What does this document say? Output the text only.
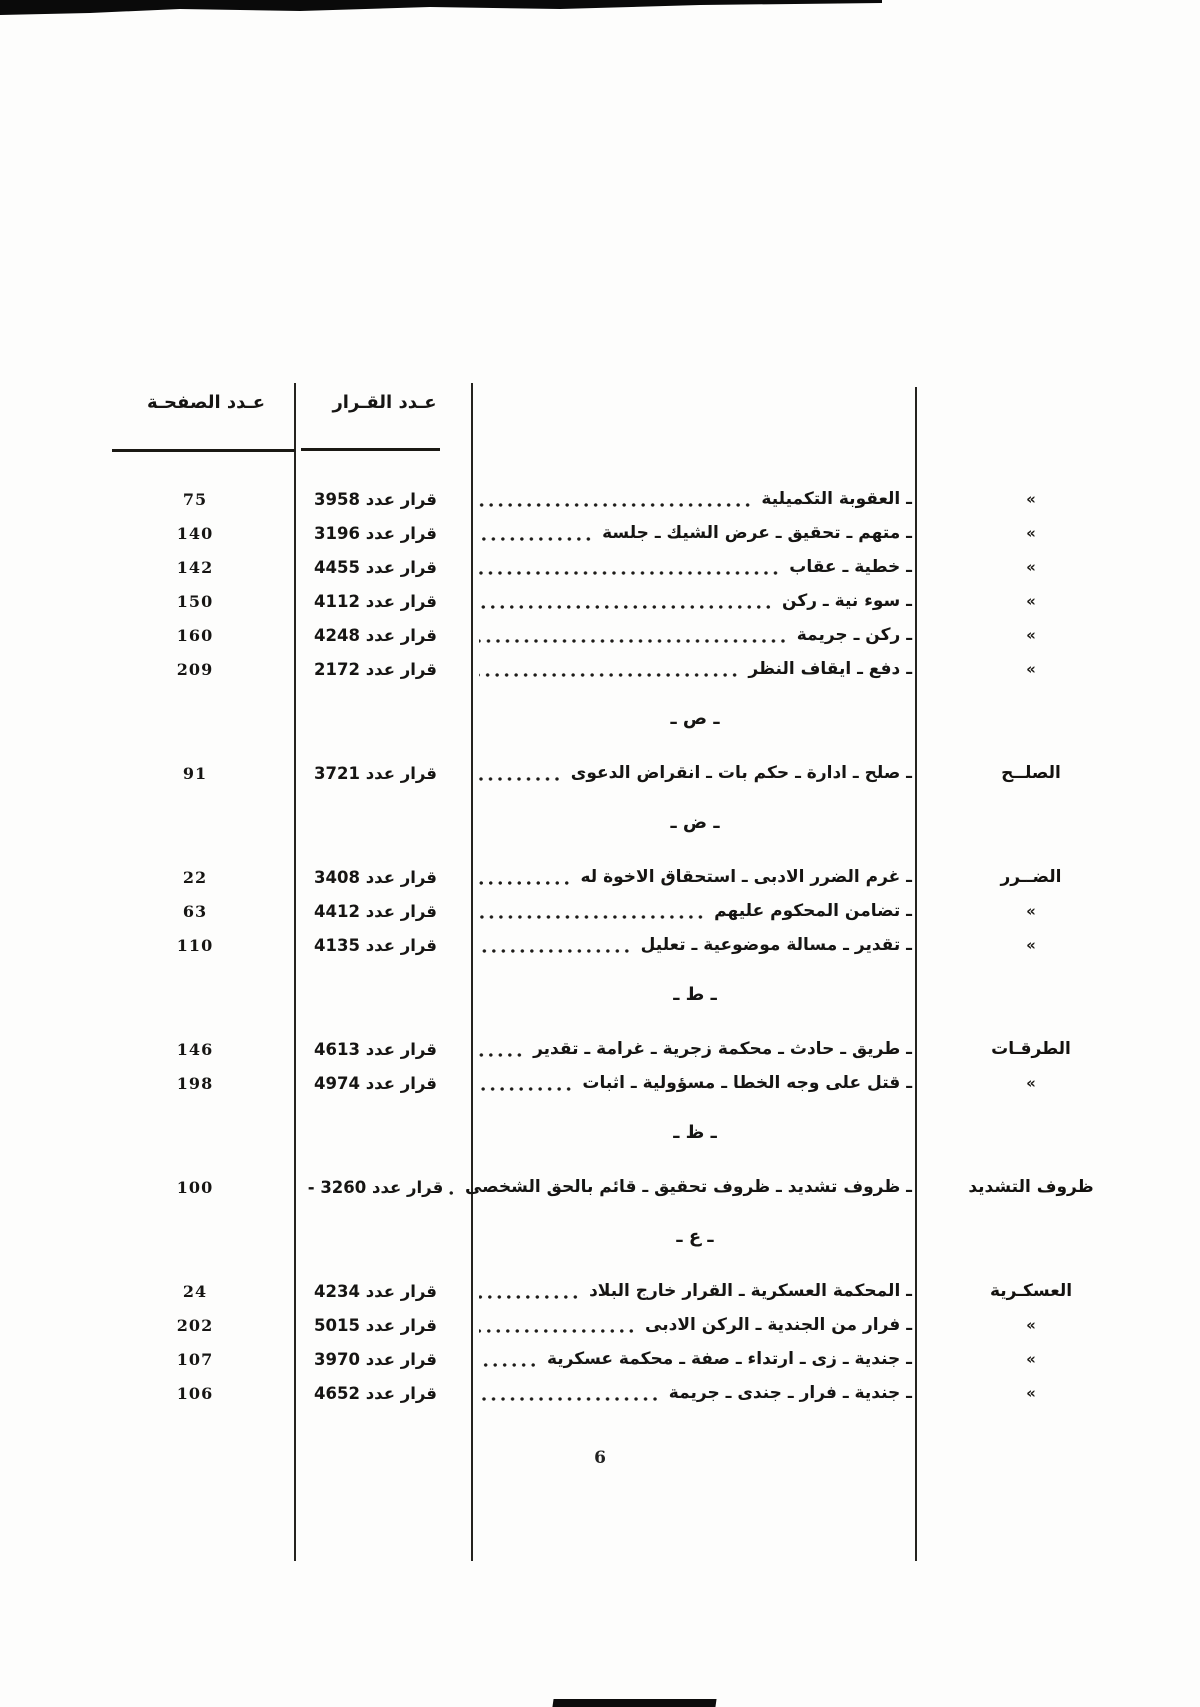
عـدد الصفحـة	عـدد القـرار
»
ـ العقوبة التكميلية
قرار عدد 3958
75
»
ـ متهم ـ تحقيق ـ عرض الشيك ـ جلسة
قرار عدد 3196
140
»
ـ خطية ـ عقاب
قرار عدد 4455
142
»
ـ سوء نية ـ ركن
قرار عدد 4112
150
»
ـ ركن ـ جريمة
قرار عدد 4248
160
»
ـ دفع ـ ايقاف النظر
قرار عدد 2172
209
ـ ص ـ
الصلــح
ـ صلح ـ ادارة ـ حكم بات ـ انقراض الدعوى
قرار عدد 3721
91
ـ ض ـ
الضــرر
ـ غرم الضرر الادبى ـ استحقاق الاخوة له
قرار عدد 3408
22
»
ـ تضامن المحكوم عليهم
قرار عدد 4412
63
»
ـ تقدير ـ مسالة موضوعية ـ تعليل
قرار عدد 4135
110
ـ ط ـ
الطرقـات
ـ طريق ـ حادث ـ محكمة زجرية ـ غرامة ـ تقدير
قرار عدد 4613
146
»
ـ قتل على وجه الخطا ـ مسؤولية ـ اثبات
قرار عدد 4974
198
ـ ظ ـ
ظروف التشديد
ـ ظروف تشديد ـ ظروف تحقيق ـ قائم بالحق الشخصى
قرار عدد 3260 -
100
ـ ع ـ
العسكـرية
ـ المحكمة العسكرية ـ القرار خارج البلاد
قرار عدد 4234
24
»
ـ فرار من الجندية ـ الركن الادبى
قرار عدد 5015
202
»
ـ جندية ـ زى ـ ارتداء ـ صفة ـ محكمة عسكرية
قرار عدد 3970
107
»
ـ جندية ـ فرار ـ جندى ـ جريمة
قرار عدد 4652
106
6
